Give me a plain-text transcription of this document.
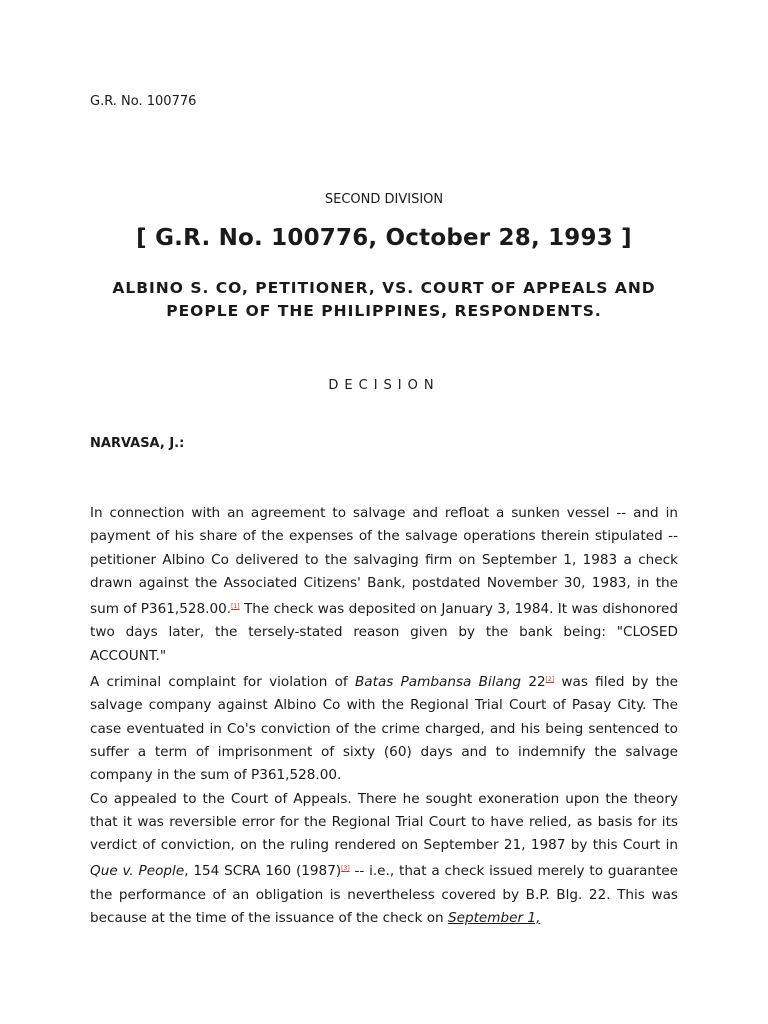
G.R. No. 100776
SECOND DIVISION
[ G.R. No. 100776, October 28, 1993 ]
ALBINO S. CO, PETITIONER, VS. COURT OF APPEALS AND PEOPLE OF THE PHILIPPINES, RESPONDENTS.
DECISION
NARVASA, J.:

In connection with an agreement to salvage and refloat a sunken vessel -- and in payment of his share of the expenses of the salvage operations therein stipulated -- petitioner Albino Co delivered to the salvaging firm on September 1, 1983 a check drawn against the Associated Citizens' Bank, postdated November 30, 1983, in the sum of P361,528.00.[1] The check was deposited on January 3, 1984. It was dishonored two days later, the tersely-stated reason given by the bank being: "CLOSED ACCOUNT."

A criminal complaint for violation of Batas Pambansa Bilang 22[2] was filed by the salvage company against Albino Co with the Regional Trial Court of Pasay City. The case eventuated in Co's conviction of the crime charged, and his being sentenced to suffer a term of imprisonment of sixty (60) days and to indemnify the salvage company in the sum of P361,528.00.

Co appealed to the Court of Appeals. There he sought exoneration upon the theory that it was reversible error for the Regional Trial Court to have relied, as basis for its verdict of conviction, on the ruling rendered on September 21, 1987 by this Court in Que v. People, 154 SCRA 160 (1987)[3] -- i.e., that a check issued merely to guarantee the performance of an obligation is nevertheless covered by B.P. Blg. 22. This was because at the time of the issuance of the check on September 1,
